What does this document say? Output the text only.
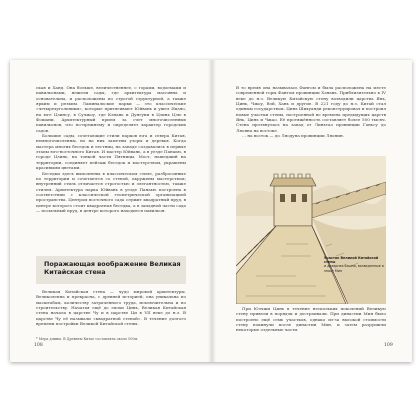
ская и Ханд. Она больше, величественнее, с горами, водоемами и павильонами, нежели сады, где архитектура массивна и основательна, и расположены по строгой структурной, а также ярким и резким. Ламинальские парки — это классические «четырехугольники», которые притягивают Юйвань и ушел Ицзяо, на юге Цзинсу, в Сучжоу, где Кэнань и Дунгуни в Цзинь Цзю в Фошани. Архитектурный прием за счет многочисленных павильонов, что по-прежнему и определяет характер городских садов.

Большие сады, сочетающие стили парков юга и севера Китая, немногочисленны, но на них заметны узоры и деревья. Когда мастера многих беседок и лестниц, на западе создавались в первые этапы юго-восточного Китая. И мастер Юйвань, а в уезде Панаью, в городе Цзинь, на тонкой части Пятницы. Мост, нашедший на территории, соединяет пейзаж беседок и мастерством, украшены красивыми цветами.

Беседки здесь выполнены в классическом стиле, разбросанные по территории и сочетаются со стеной, окружены мастерством; внутренний стиль отличается строгостью и элегантностью, также стилем. Архитектура парка Юйвань в уезде Панаью построена в соответствии с классической геометрической организацией пространства. Центром восточного сада служит квадратный пруд, в центре которого стоит квадратная беседка, а в западной части сада — посыльный пруд, в центре которого находится павильон.

Поражающая воображение Великая Китайская стена

Великая Китайская стена — чудо мировой архитектуры. Великолепна и прекрасна, с древней историей, она уникальна по масштабам, количеству затраченного труда, исключительна и по строительству. Начатая ещё до эпохи Цинь, Великая Китайская стена начала в царстве Чу и в царстве Ци в VII веке до н.э. В царстве Чу её называли «квадратной стеной». В течение долгого времени постройки Великой Китайской стены.

* Мера длины. В Древнем Китае составляла около 500м.
108

В то время она называлась Фангом и была расположена на месте современной горы Фангом провинции Хэнань. Приблизительно в IV веке до н.э. Великую Китайскую стену возводили царства Янь, Цинь, Чжоу, Вэй, Хань и другие. В 221 году до н.э. Китай стал единым государством. Цинь Шихуанди реконструировал и построил новые участки стены, построенной во времена предыдущих царств Янь, Цинь и Чжао. Её протяжённость составляет более 500 тысяч. Стена протянулась на запад от Линьтао провинции Ганьсу до Ляояна на востоке.

… на восток — до Ляодуна провинции Ляонин.

Участок Великой Китайской стены
и дозорная башня, возведенные в эпоху Мин

При Юэчжи Цинь в течение нескольких поколений Великую стену привели в порядок и достраивали. При династии Мин было построено ещё семь участков, однако из-за высокой стоимости стену покинули после династии Мин, и затем разрушили некоторые отдельные части.

109
